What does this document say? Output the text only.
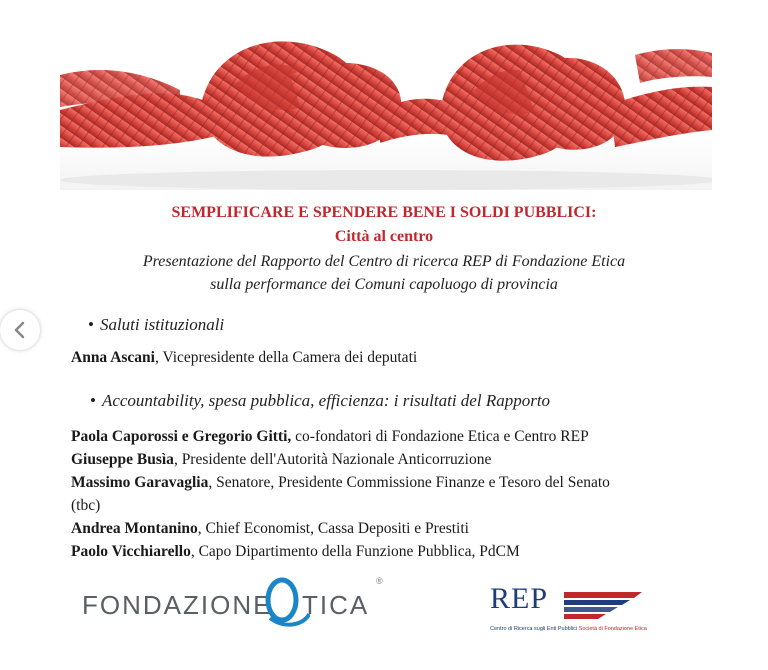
SEMPLIFICARE E SPENDERE BENE I SOLDI PUBBLICI:
Città al centro
Presentazione del Rapporto del Centro di ricerca REP di Fondazione Etica
sulla performance dei Comuni capoluogo di provincia
• Saluti istituzionali
Anna Ascani, Vicepresidente della Camera dei deputati
• Accountability, spesa pubblica, efficienza: i risultati del Rapporto
Paola Caporossi e Gregorio Gitti, co-fondatori di Fondazione Etica e Centro REP
Giuseppe Busìa, Presidente dell'Autorità Nazionale Anticorruzione
Massimo Garavaglia, Senatore, Presidente Commissione Finanze e Tesoro del Senato
(tbc)
Andrea Montanino, Chief Economist, Cassa Depositi e Prestiti
Paolo Vicchiarello, Capo Dipartimento della Funzione Pubblica, PdCM
FONDAZIONE TICA
®
REP
Centro di Ricerca sugli Enti Pubblici Società di Fondazione Etica
